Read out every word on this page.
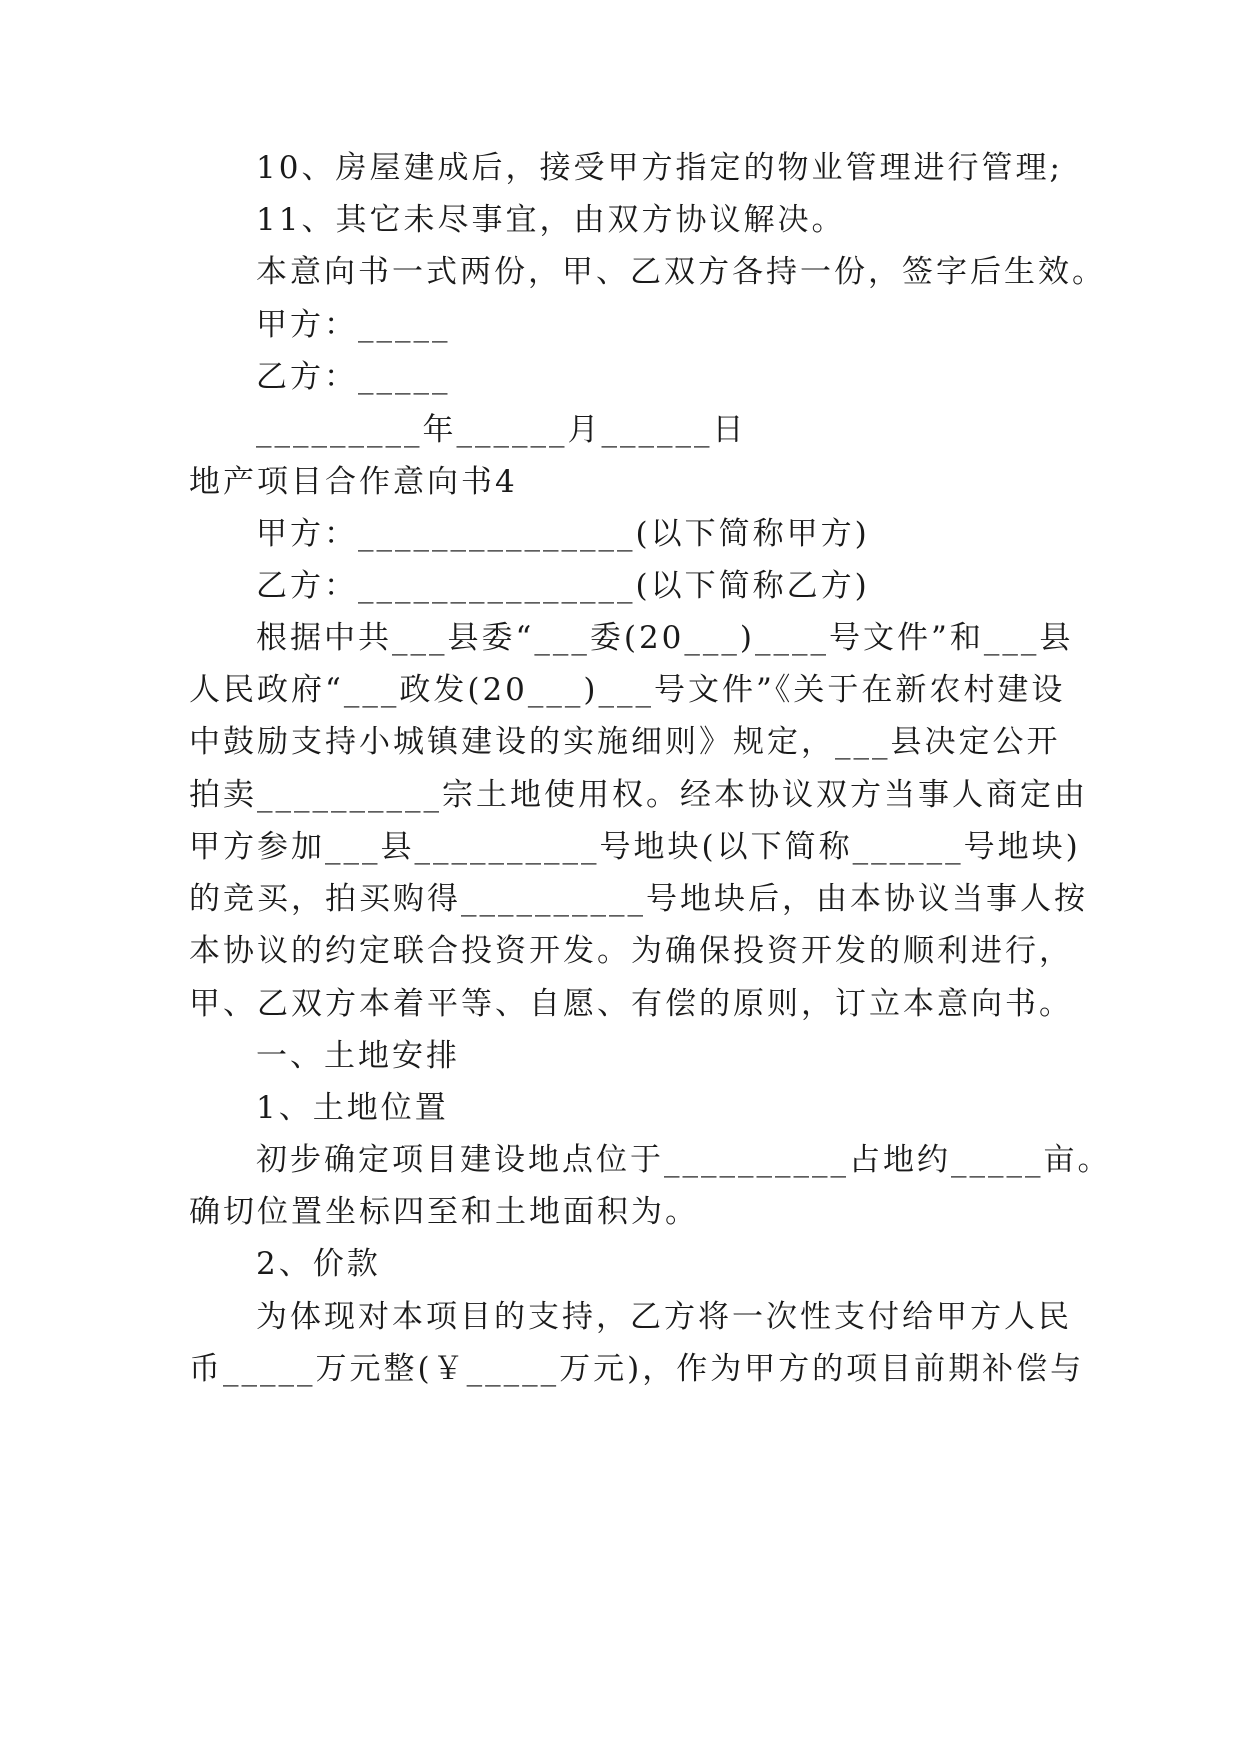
10、房屋建成后，接受甲方指定的物业管理进行管理;
11、其它未尽事宜，由双方协议解决。
本意向书一式两份，甲、乙双方各持一份，签字后生效。
甲方：_____
乙方：_____
_________年______月______日
地产项目合作意向书4
甲方：_______________(以下简称甲方)
乙方：_______________(以下简称乙方)
根据中共___县委“___委(20___)____号文件”和___县
人民政府“___政发(20___)___号文件”《关于在新农村建设
中鼓励支持小城镇建设的实施细则》规定，___县决定公开
拍卖__________宗土地使用权。经本协议双方当事人商定由
甲方参加___县__________号地块(以下简称______号地块)
的竞买，拍买购得__________号地块后，由本协议当事人按
本协议的约定联合投资开发。为确保投资开发的顺利进行，
甲、乙双方本着平等、自愿、有偿的原则，订立本意向书。
一、土地安排
1、土地位置
初步确定项目建设地点位于__________占地约_____亩。
确切位置坐标四至和土地面积为。
2、价款
为体现对本项目的支持，乙方将一次性支付给甲方人民
币_____万元整(￥_____万元)，作为甲方的项目前期补偿与
